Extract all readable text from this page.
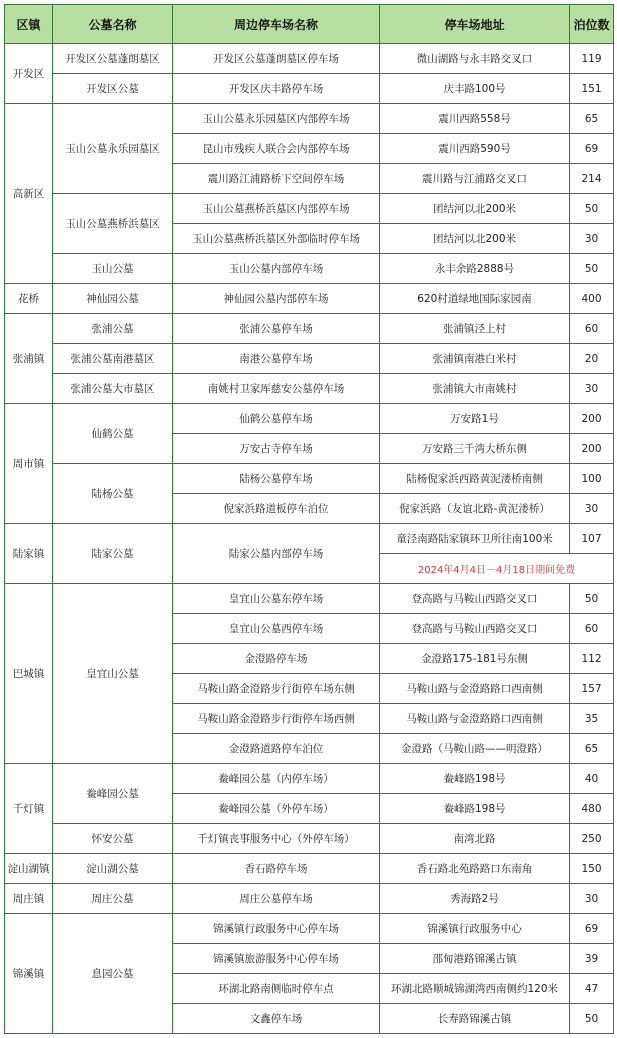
区镇	公墓名称	周边停车场名称	停车场地址	泊位数
开发区	开发区公墓蓬朗墓区	开发区公墓蓬朗墓区停车场	微山湖路与永丰路交叉口	119
	开发区公墓	开发区庆丰路停车场	庆丰路100号	151
高新区	玉山公墓永乐园墓区	玉山公墓永乐园墓区内部停车场	震川西路558号	65
		昆山市残疾人联合会内部停车场	震川西路590号	69
		震川路江浦路桥下空间停车场	震川路与江浦路交叉口	214
	玉山公墓燕桥浜墓区	玉山公墓燕桥浜墓区内部停车场	团结河以北200米	50
		玉山公墓燕桥浜墓区外部临时停车场	团结河以北200米	30
	玉山公墓	玉山公墓内部停车场	永丰余路2888号	50
花桥	神仙园公墓	神仙园公墓内部停车场	620村道绿地国际家园南	400
张浦镇	张浦公墓	张浦公墓停车场	张浦镇泾上村	60
	张浦公墓南港墓区	南港公墓停车场	张浦镇南港白米村	20
	张浦公墓大市墓区	南姚村卫家厍慈安公墓停车场	张浦镇大市南姚村	30
周市镇	仙鹤公墓	仙鹤公墓停车场	万安路1号	200
		万安古寺停车场	万安路三千湾大桥东侧	200
	陆杨公墓	陆杨公墓停车场	陆杨倪家浜西路黄泥溇桥南侧	100
		倪家浜路道板停车泊位	倪家浜路（友谊北路-黄泥溇桥）	30
陆家镇	陆家公墓	陆家公墓内部停车场	童泾南路陆家镇环卫所往南100米	107
			2024年4月4日－4月18日期间免费	
巴城镇	皇宜山公墓	皇宜山公墓东停车场	登高路与马鞍山西路交叉口	50
		皇宜山公墓西停车场	登高路与马鞍山西路交叉口	60
		金澄路停车场	金澄路175-181号东侧	112
		马鞍山路金澄路步行街停车场东侧	马鞍山路与金澄路路口西南侧	157
		马鞍山路金澄路步行街停车场西侧	马鞍山路与金澄路路口西南侧	35
		金澄路道路停车泊位	金澄路（马鞍山路——明澄路）	65
千灯镇	鲞峰园公墓	鲞峰园公墓（内停车场）	鲞峰路198号	40
		鲞峰园公墓（外停车场）	鲞峰路198号	480
	怀安公墓	千灯镇丧事服务中心（外停车场）	南湾北路	250
淀山湖镇	淀山湖公墓	香石路停车场	香石路北苑路路口东南角	150
周庄镇	周庄公墓	周庄公墓停车场	秀海路2号	30
锦溪镇	息园公墓	锦溪镇行政服务中心停车场	锦溪镇行政服务中心	69
		锦溪镇旅游服务中心停车场	邵甸港路锦溪古镇	39
		环湖北路南侧临时停车点	环湖北路顺城锦湖湾西南侧约120米	47
		文鑫停车场	长寿路锦溪古镇	50
